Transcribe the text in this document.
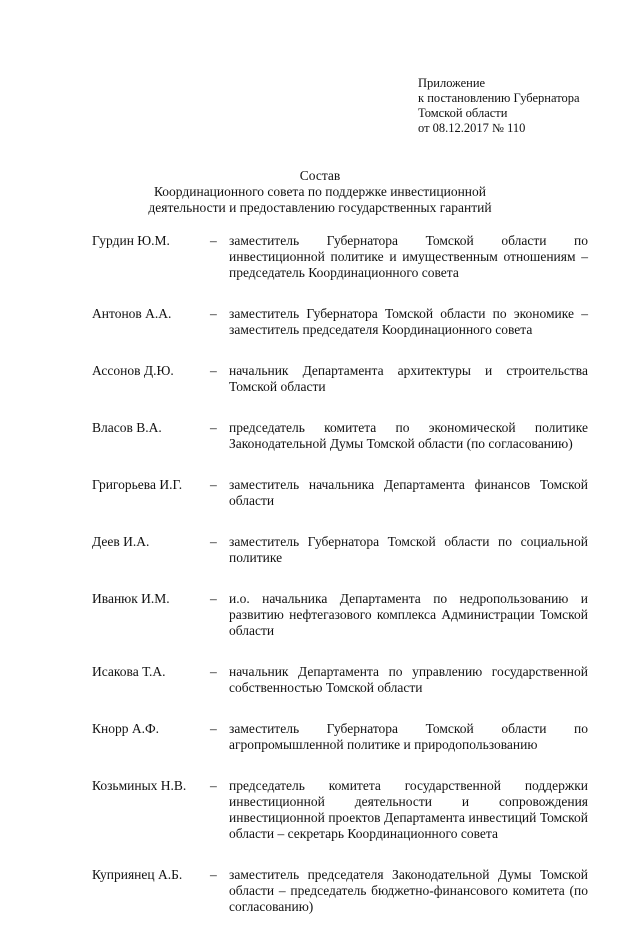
Приложение
к постановлению Губернатора
Томской области
от 08.12.2017 № 110
Состав
Координационного совета по поддержке инвестиционной
деятельности и предоставлению государственных гарантий
Гурдин Ю.М.	– заместитель Губернатора Томской области по инвестиционной политике и имущественным отношениям – председатель Координационного совета
Антонов А.А.	– заместитель Губернатора Томской области по экономике – заместитель председателя Координационного совета
Ассонов Д.Ю.	– начальник Департамента архитектуры и строительства Томской области
Власов В.А.	– председатель комитета по экономической политике Законодательной Думы Томской области (по согласованию)
Григорьева И.Г.	– заместитель начальника Департамента финансов Томской области
Деев И.А.	– заместитель Губернатора Томской области по социальной политике
Иванюк И.М.	– и.о. начальника Департамента по недропользованию и развитию нефтегазового комплекса Администрации Томской области
Исакова Т.А.	– начальник Департамента по управлению государственной собственностью Томской области
Кнорр А.Ф.	– заместитель Губернатора Томской области по агропромышленной политике и природопользованию
Козьминых Н.В.	– председатель комитета государственной поддержки инвестиционной деятельности и сопровождения инвестиционной проектов Департамента инвестиций Томской области – секретарь Координационного совета
Куприянец А.Б.	– заместитель председателя Законодательной Думы Томской области – председатель бюджетно-финансового комитета (по согласованию)
